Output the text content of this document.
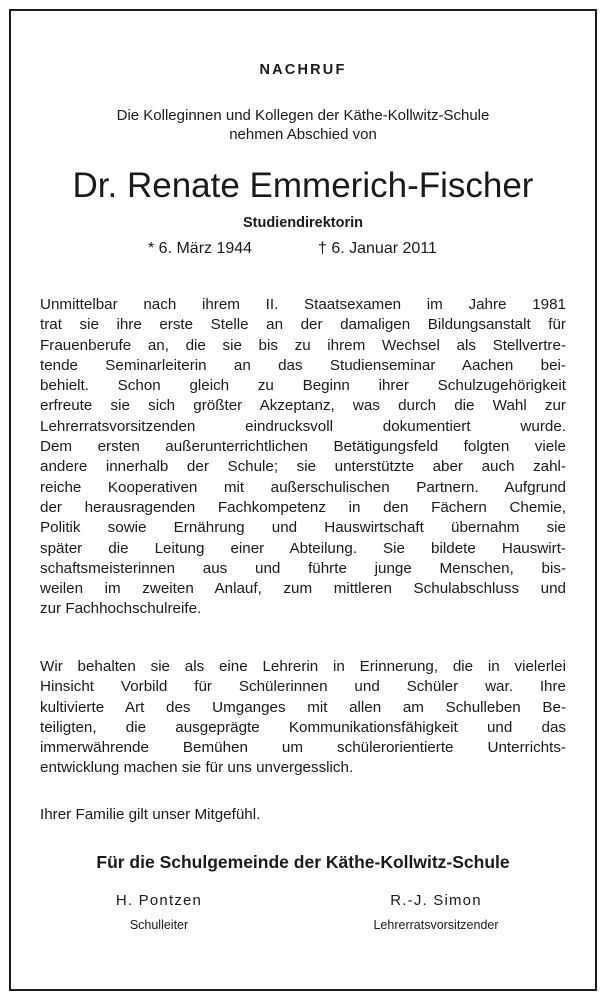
NACHRUF
Die Kolleginnen und Kollegen der Käthe-Kollwitz-Schule
nehmen Abschied von
Dr. Renate Emmerich-Fischer
Studiendirektorin
* 6. März 1944	† 6. Januar 2011
Unmittelbar nach ihrem II. Staatsexamen im Jahre 1981
trat sie ihre erste Stelle an der damaligen Bildungsanstalt für
Frauenberufe an, die sie bis zu ihrem Wechsel als Stellvertre-
tende Seminarleiterin an das Studienseminar Aachen bei-
behielt. Schon gleich zu Beginn ihrer Schulzugehörigkeit
erfreute sie sich größter Akzeptanz, was durch die Wahl zur
Lehrerratsvorsitzenden eindrucksvoll dokumentiert wurde.
Dem ersten außerunterrichtlichen Betätigungsfeld folgten viele
andere innerhalb der Schule; sie unterstützte aber auch zahl-
reiche Kooperativen mit außerschulischen Partnern. Aufgrund
der herausragenden Fachkompetenz in den Fächern Chemie,
Politik sowie Ernährung und Hauswirtschaft übernahm sie
später die Leitung einer Abteilung. Sie bildete Hauswirt-
schaftsmeisterinnen aus und führte junge Menschen, bis-
weilen im zweiten Anlauf, zum mittleren Schulabschluss und
zur Fachhochschulreife.
Wir behalten sie als eine Lehrerin in Erinnerung, die in vielerlei
Hinsicht Vorbild für Schülerinnen und Schüler war. Ihre
kultivierte Art des Umganges mit allen am Schulleben Be-
teiligten, die ausgeprägte Kommunikationsfähigkeit und das
immerwährende Bemühen um schülerorientierte Unterrichts-
entwicklung machen sie für uns unvergesslich.
Ihrer Familie gilt unser Mitgefühl.
Für die Schulgemeinde der Käthe-Kollwitz-Schule
H. Pontzen
Schulleiter
R.-J. Simon
Lehrerratsvorsitzender
